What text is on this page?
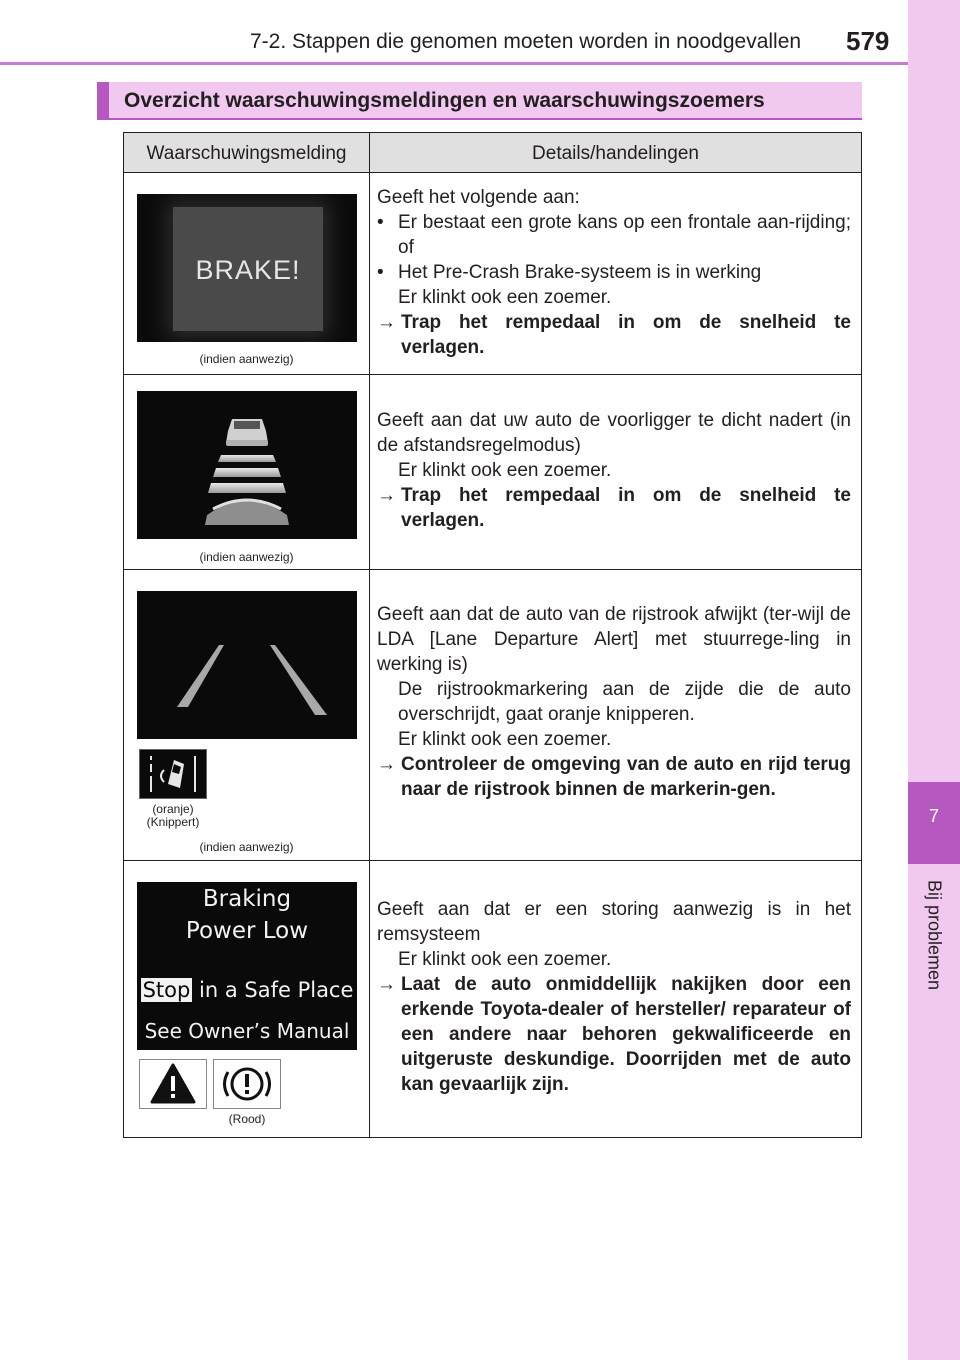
7-2. Stappen die genomen moeten worden in noodgevallen 579
7
Bij problemen
Overzicht waarschuwingsmeldingen en waarschuwingszoemers
Waarschuwingsmelding	Details/handelingen
BRAKE!
(indien aanwezig)

Geeft het volgende aan:

• Er bestaat een grote kans op een frontale aan-rijding; of
• Het Pre-Crash Brake-systeem is in werking

Er klinkt ook een zoemer.

→ Trap het rempedaal in om de snelheid te verlagen.
(indien aanwezig)

Geeft aan dat uw auto de voorligger te dicht nadert (in de afstandsregelmodus)

Er klinkt ook een zoemer.

→ Trap het rempedaal in om de snelheid te verlagen.
(oranje)
(Knippert)
(indien aanwezig)

Geeft aan dat de auto van de rijstrook afwijkt (ter-wijl de LDA [Lane Departure Alert] met stuurrege-ling in werking is)

De rijstrookmarkering aan de zijde die de auto overschrijdt, gaat oranje knipperen.

Er klinkt ook een zoemer.

→ Controleer de omgeving van de auto en rijd terug naar de rijstrook binnen de markerin-gen.
Braking
Power Low
Stop in a Safe Place
See Owner’s Manual
(Rood)

Geeft aan dat er een storing aanwezig is in het remsysteem

Er klinkt ook een zoemer.

→ Laat de auto onmiddellijk nakijken door een erkende Toyota-dealer of hersteller/ reparateur of een andere naar behoren gekwalificeerde en uitgeruste deskundige. Doorrijden met de auto kan gevaarlijk zijn.
